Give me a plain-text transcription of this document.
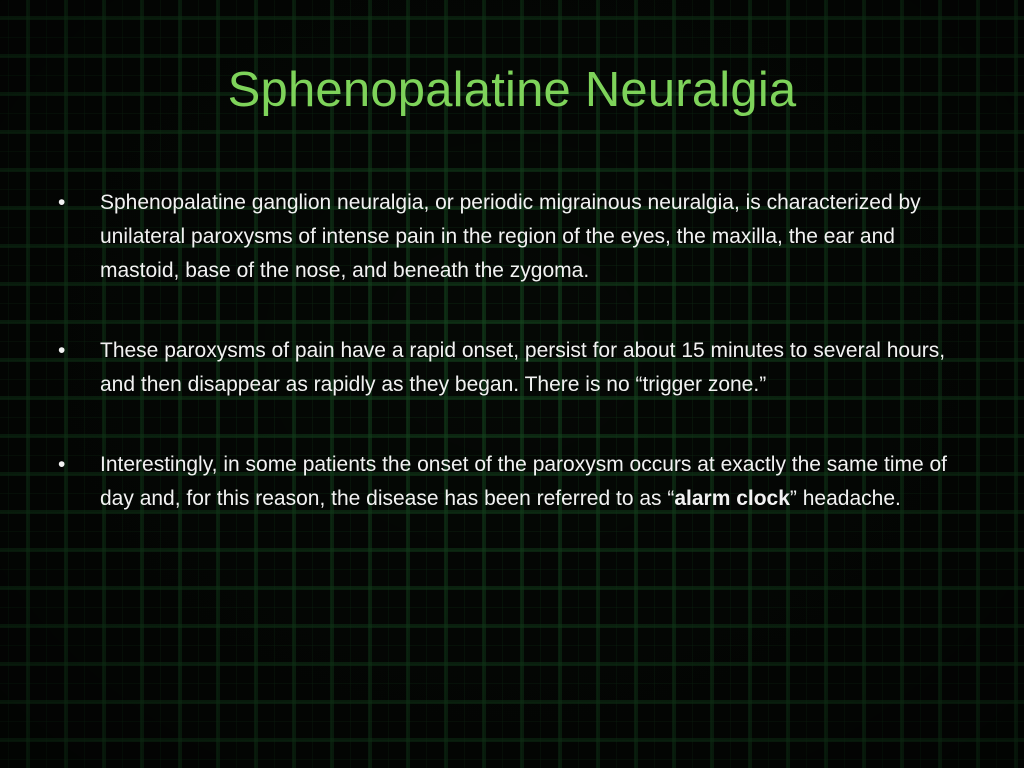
Sphenopalatine Neuralgia
•	Sphenopalatine ganglion neuralgia, or periodic migrainous neuralgia, is characterized by unilateral paroxysms of intense pain in the region of the eyes, the maxilla, the ear and mastoid, base of the nose, and beneath the zygoma.
•	These paroxysms of pain have a rapid onset, persist for about 15 minutes to several hours, and then disappear as rapidly as they began. There is no “trigger zone.”
•	Interestingly, in some patients the onset of the paroxysm occurs at exactly the same time of day and, for this reason, the disease has been referred to as “alarm clock” headache.
